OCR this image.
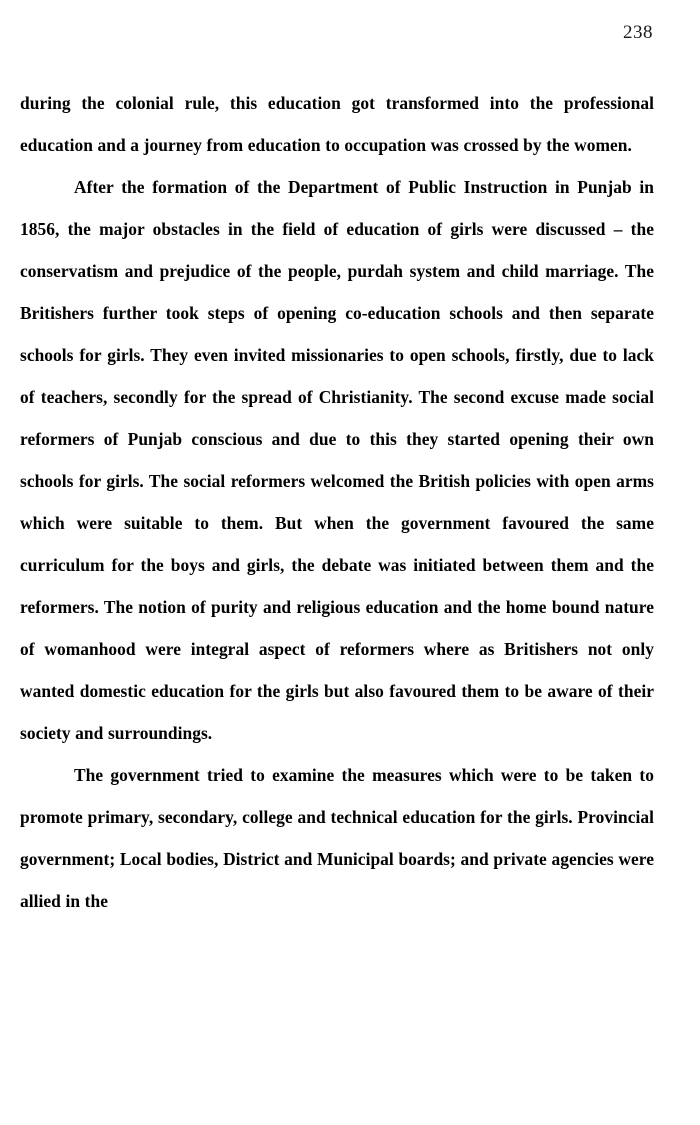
238

during the colonial rule, this education got transformed into the professional education and a journey from education to occupation was crossed by the women.

After the formation of the Department of Public Instruction in Punjab in 1856, the major obstacles in the field of education of girls were discussed – the conservatism and prejudice of the people, purdah system and child marriage. The Britishers further took steps of opening co-education schools and then separate schools for girls. They even invited missionaries to open schools, firstly, due to lack of teachers, secondly for the spread of Christianity. The second excuse made social reformers of Punjab conscious and due to this they started opening their own schools for girls. The social reformers welcomed the British policies with open arms which were suitable to them. But when the government favoured the same curriculum for the boys and girls, the debate was initiated between them and the reformers. The notion of purity and religious education and the home bound nature of womanhood were integral aspect of reformers where as Britishers not only wanted domestic education for the girls but also favoured them to be aware of their society and surroundings.

The government tried to examine the measures which were to be taken to promote primary, secondary, college and technical education for the girls. Provincial government; Local bodies, District and Municipal boards; and private agencies were allied in the
